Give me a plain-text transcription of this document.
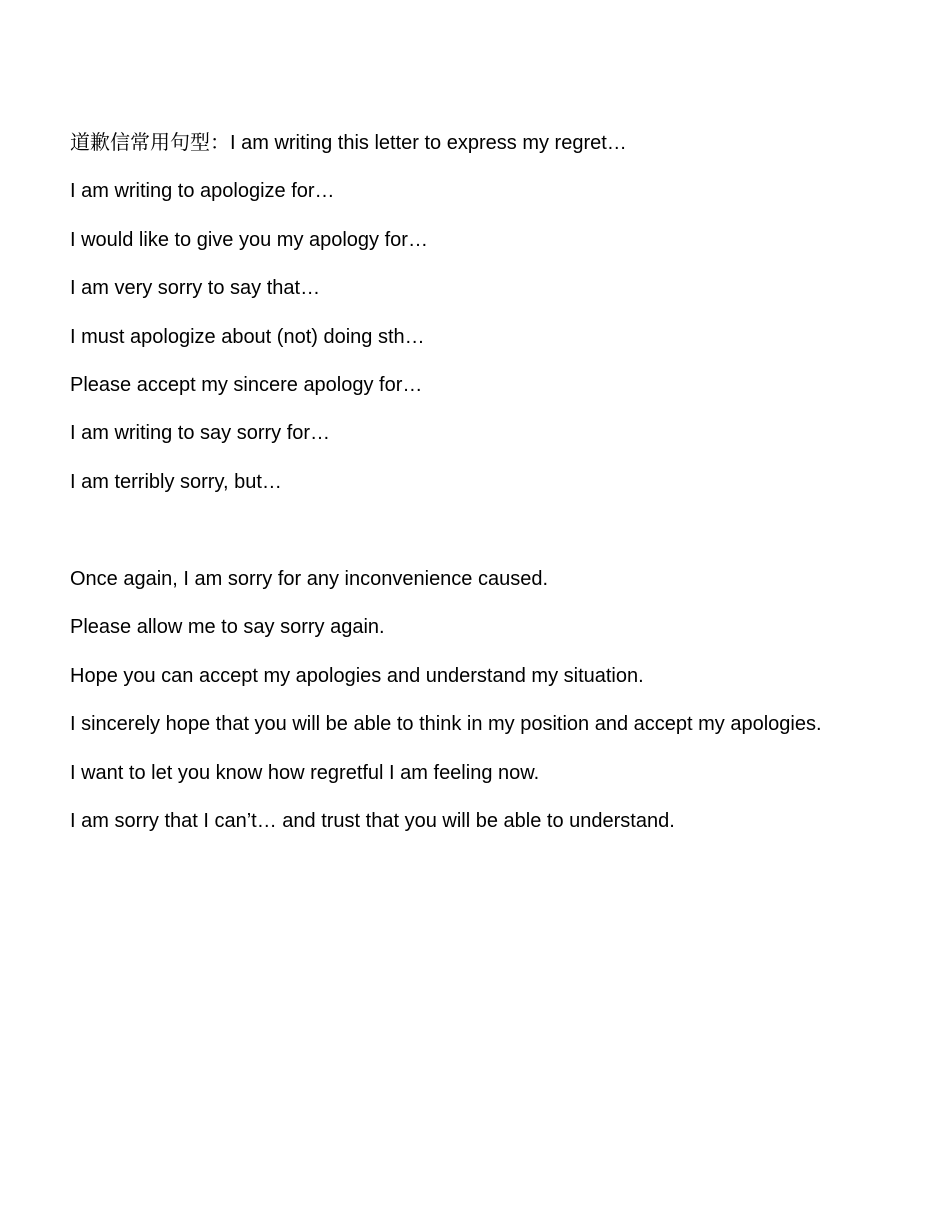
道歉信常用句型：I am writing this letter to express my regret…
I am writing to apologize for…
I would like to give you my apology for…
I am very sorry to say that…
I must apologize about (not) doing sth…
Please accept my sincere apology for…
I am writing to say sorry for…
I am terribly sorry, but…
Once again, I am sorry for any inconvenience caused.
Please allow me to say sorry again.
Hope you can accept my apologies and understand my situation.
I sincerely hope that you will be able to think in my position and accept my apologies.
I want to let you know how regretful I am feeling now.
I am sorry that I can’t… and trust that you will be able to understand.
